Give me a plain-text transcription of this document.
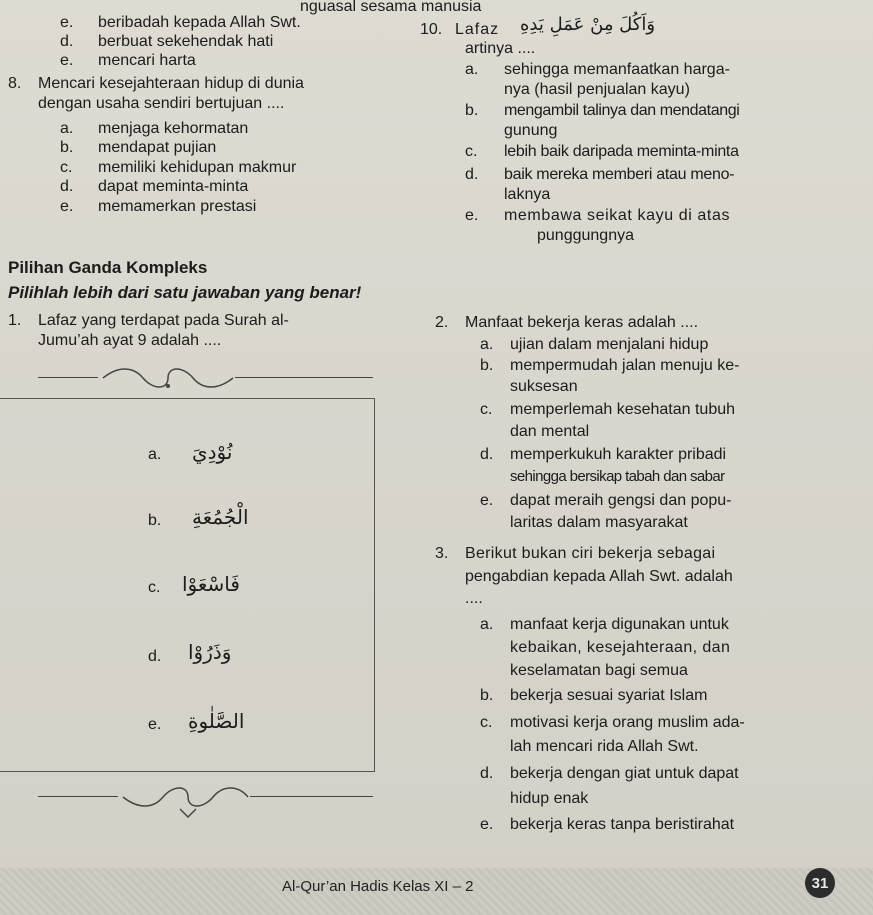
nguasal sesama manusia
e. beribadah kepada Allah Swt.
d. berbuat sekehendak hati
e. mencari harta
8. Mencari kesejahteraan hidup di dunia
dengan usaha sendiri bertujuan ....
a. menjaga kehormatan
b. mendapat pujian
c. memiliki kehidupan makmur
d. dapat meminta-minta
e. memamerkan prestasi
Pilihan Ganda Kompleks
Pilihlah lebih dari satu jawaban yang benar!
1. Lafaz yang terdapat pada Surah al-
Jumu’ah ayat 9 adalah ....
a. نُوْدِيَ
b. الْجُمُعَةِ
c. فَاسْعَوْا
d. وَذَرُوْا
e. الصَّلٰوةِ
10. Lafaz وَاَكُلَ مِنْ عَمَلِ يَدِهِ
artinya ....
a. sehingga memanfaatkan harga-
nya (hasil penjualan kayu)
b. mengambil talinya dan mendatangi
gunung
c. lebih baik daripada meminta-minta
d. baik mereka memberi atau meno-
laknya
e. membawa seikat kayu di atas
punggungnya
2. Manfaat bekerja keras adalah ....
a. ujian dalam menjalani hidup
b. mempermudah jalan menuju ke-
suksesan
c. memperlemah kesehatan tubuh
dan mental
d. memperkukuh karakter pribadi
sehingga bersikap tabah dan sabar
e. dapat meraih gengsi dan popu-
laritas dalam masyarakat
3. Berikut bukan ciri bekerja sebagai
pengabdian kepada Allah Swt. adalah
....
a. manfaat kerja digunakan untuk
kebaikan, kesejahteraan, dan
keselamatan bagi semua
b. bekerja sesuai syariat Islam
c. motivasi kerja orang muslim ada-
lah mencari rida Allah Swt.
d. bekerja dengan giat untuk dapat
hidup enak
e. bekerja keras tanpa beristirahat
Al-Qur’an Hadis Kelas XI – 2	31
